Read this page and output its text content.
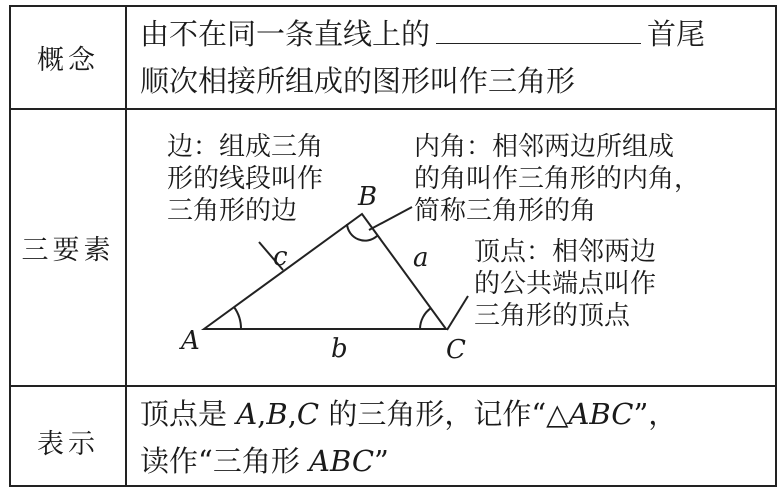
概念
由不在同一条直线上的	首尾
顺次相接所组成的图形叫作三角形
三要素
边：组成三角
形的线段叫作
三角形的边
内角：相邻两边所组成
的角叫作三角形的内角，
简称三角形的角
顶点：相邻两边
的公共端点叫作
三角形的顶点
A
B
C
a
b
c
表示
顶点是 A,B,C 的三角形，记作“△ABC”，
读作“三角形 ABC”
